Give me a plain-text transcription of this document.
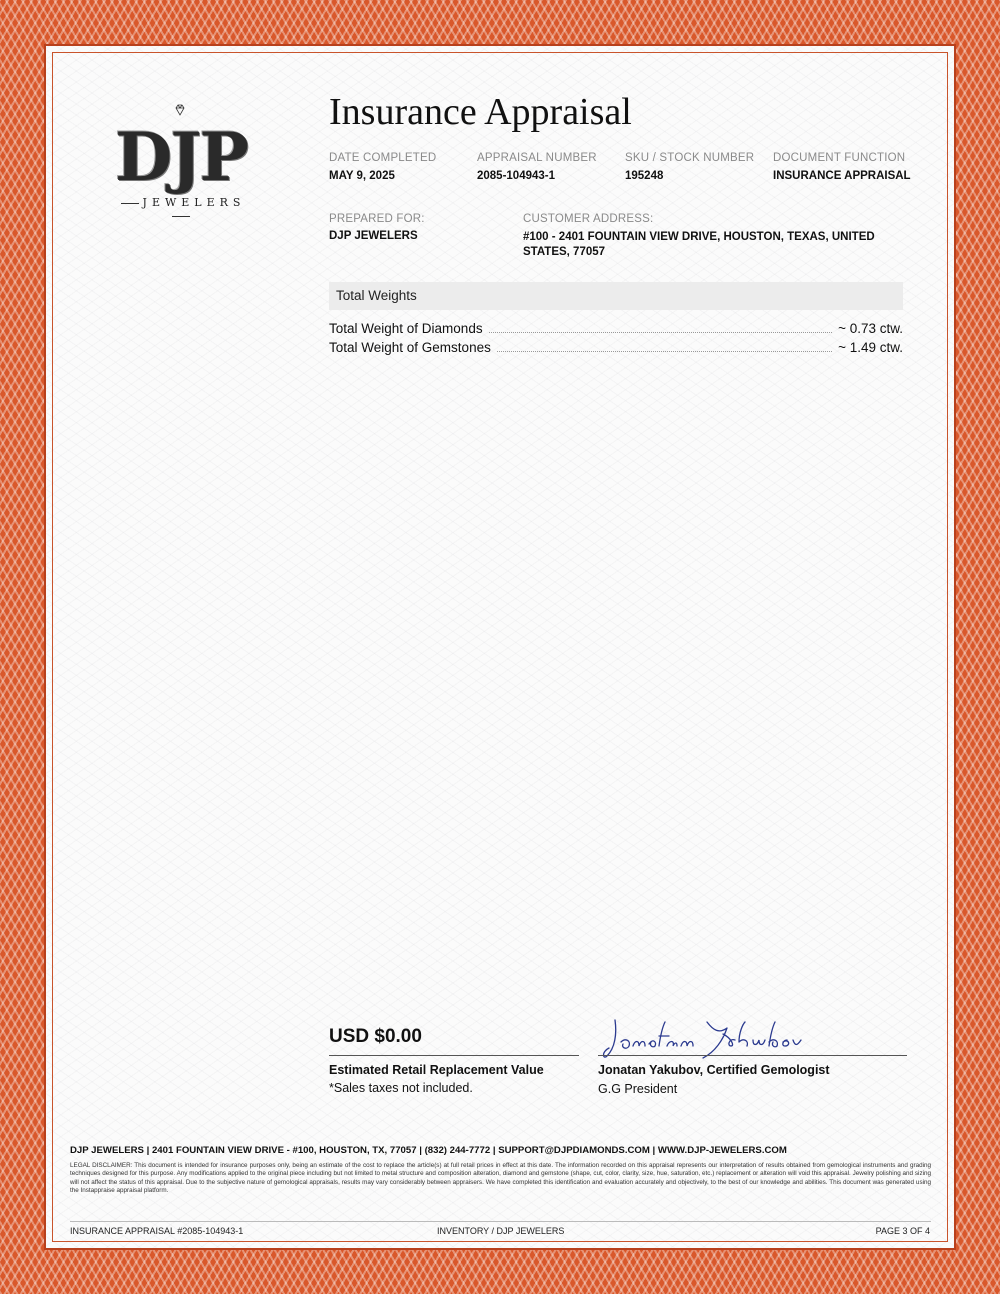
DJP
JEWELERS
Insurance Appraisal
DATE COMPLETED
MAY 9, 2025
APPRAISAL NUMBER
2085-104943-1
SKU / STOCK NUMBER
195248
DOCUMENT FUNCTION
INSURANCE APPRAISAL
PREPARED FOR:
DJP JEWELERS
CUSTOMER ADDRESS:
#100 - 2401 FOUNTAIN VIEW DRIVE, HOUSTON, TEXAS, UNITED STATES, 77057
Total Weights
Total Weight of Diamonds	~ 0.73 ctw.
Total Weight of Gemstones	~ 1.49 ctw.
USD $0.00
Estimated Retail Replacement Value
*Sales taxes not included.
Jonatan Yakubov, Certified Gemologist
G.G President
DJP JEWELERS | 2401 FOUNTAIN VIEW DRIVE - #100, HOUSTON, TX, 77057 | (832) 244-7772 | SUPPORT@DJPDIAMONDS.COM | WWW.DJP-JEWELERS.COM
LEGAL DISCLAIMER: This document is intended for insurance purposes only, being an estimate of the cost to replace the article(s) at full retail prices in effect at this date. The information recorded on this appraisal represents our interpretation of results obtained from gemological instruments and grading techniques designed for this purpose. Any modifications applied to the original piece including but not limited to metal structure and composition alteration, diamond and gemstone (shape, cut, color, clarity, size, hue, saturation, etc.) replacement or alteration will void this appraisal. Jewelry polishing and sizing will not affect the status of this appraisal. Due to the subjective nature of gemological appraisals, results may vary considerably between appraisers. We have completed this identification and evaluation accurately and objectively, to the best of our knowledge and abilities. This document was generated using the Instappraise appraisal platform.
INSURANCE APPRAISAL #2085-104943-1	INVENTORY / DJP JEWELERS	PAGE 3 OF 4
